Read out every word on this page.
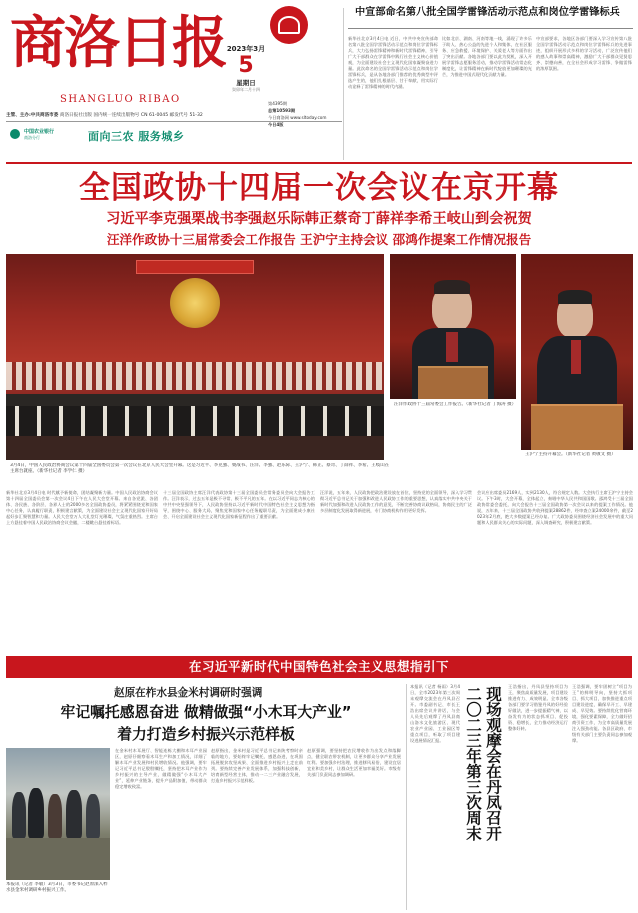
商洛日报
SHANGLUO RIBAO
2023年3月
5
星期日
癸卯年二月十四
第4395期
总第10593期
今日商洛网 www.sltoday.com
今日4版
主管、主办:中共商洛市委 商洛日报社出版 国内统一连续出版物号 CN 61-0045 邮发代号 51-32
中国农业银行
商洛分行	面向三农 服务城乡
中宣部命名第八批全国学雷锋活动示范点和岗位学雷锋标兵
新华社北京3月4日电 近日，中共中央宣传部命名第八批全国学雷锋活动示范点和岗位学雷锋标兵，大力弘扬雷锋精神和新时代雷锋精神，引导广大干部群众在学雷锋中践行社会主义核心价值观，为全面建设社会主义现代化国家凝聚奋进力量。此次命名的全国学雷锋活动示范点和岗位学雷锋标兵，是从各地各部门推荐的优秀典型中评选产生的，他们扎根基层、甘于奉献，用实际行动诠释了雷锋精神的时代内涵。
比如北京、湖南、河南等地一线，涌现了许多乐于助人、热心公益的先进个人和集体，在社区服务、应急救援、环境保护、关爱老人等方面作出了突出贡献。各地各部门要以此为契机，深入开展学雷锋志愿服务活动，推动学雷锋活动常态化制度化，让雷锋精神在新时代绽放更加璀璨的光芒，为推进中国式现代化贡献力量。
中宣部要求，各地区各部门要深入学习宣传第八批全国学雷锋活动示范点和岗位学雷锋标兵的先进事迹，组织开展形式多样的学习活动，广泛宣传他们的感人故事和崇高精神，激励广大干部群众见贤思齐、崇德向善，在全社会形成学习雷锋、争做雷锋的浓厚氛围。
全国政协十四届一次会议在京开幕
习近平李克强栗战书李强赵乐际韩正蔡奇丁薛祥李希王岐山到会祝贺
汪洋作政协十三届常委会工作报告 王沪宁主持会议 邵鸿作提案工作情况报告
3月4日，中国人民政治协商会议第十四届全国委员会第一次会议在北京人民大会堂开幕。这是习近平、李克强、栗战书、汪洋、李强、赵乐际、王沪宁、韩正、蔡奇、丁薛祥、李希、王岐山在主席台就座。（新华社记者 李学仁 摄）
汪洋作政协十三届常委会工作报告。（新华社记者 丁海涛 摄）
王沪宁主持开幕会。（新华社记者 黄敬文 摄）
新华社北京3月4日电 时代赋予新使命，团结凝聚新力量。中国人民政治协商会议第十四届全国委员会第一次会议4日下午在人民大会堂开幕。来自各党派、各团体、各民族、各阶层、各界人士的2000多名全国政协委员，将紧紧围绕党和国家中心任务，认真履行职责，积极建言献策，为全面建设社会主义现代化国家开好局起好步汇聚智慧和力量。人民大会堂万人大礼堂灯光璀璨，气氛庄重热烈。主席台上方悬挂着中国人民政治协商会议会徽，二楼眺台悬挂着标语。
十三届全国政协主席汪洋代表政协第十三届全国委员会常务委员会向大会报告工作。汪洋表示，过去五年是极不寻常、极不平凡的五年。在以习近平同志为核心的中共中央坚强领导下，人民政协坚持以习近平新时代中国特色社会主义思想为指导，围绕中心、服务大局，聚焦党和国家中心任务履职尽责，为全面建成小康社会、开启全面建设社会主义现代化国家新征程作出了重要贡献。
汪洋说，五年来，人民政协把政治建设放在首位，坚持党的全面领导，深入学习贯彻习近平总书记关于加强和改进人民政协工作的重要思想，认真落实中共中央关于新时代加强和改进人民政协工作的意见，不断完善协商议政格局，协商民主的广泛多层制度化发展取得新进展，专门协商机构作用更好发挥。
会议应出席委员2169人，实到2130人，符合规定人数。大会执行主席王沪宁主持会议。下午3时，大会开幕，全体起立，奏唱中华人民共和国国歌。邵鸿受十三届全国政协常委会委托，向大会报告十三届全国政协第一次会议以来的提案工作情况。他说，五年来，十三届全国政协共收到提案28862件，经审查立案24000余件，截至2023年2月底，绝大多数提案已经办复。广大政协委员围绕经济社会发展中的重大问题和人民群众关心的实际问题，深入调查研究，积极建言献策。
在习近平新时代中国特色社会主义思想指引下
赵原在柞水县金米村调研时强调
牢记嘱托感恩奋进 做精做强“小木耳大产业”
着力打造乡村振兴示范样板
本报讯（记者 李敏）3月3日，市委书记赵原深入柞水县金米村调研乡村振兴工作。
在金米村木耳展厅、智能连栋大棚和木耳产业园区，赵原仔细察看木耳生产和加工情况，详细了解木耳产业发展和村民增收情况。他强调，要牢记习近平总书记殷殷嘱托，坚持把木耳产业作为乡村振兴的主导产业，做精做强“小木耳大产业”，延伸产业链条，提升产品附加值，带动群众稳定增收致富。
赵原指出，金米村是习近平总书记来陕考察时亲临的地方，要始终牢记嘱托、感恩奋进，在巩固拓展脱贫攻坚成果、全面推进乡村振兴上走在前列。要持续完善产业发展体系，加强科技创新，培育新型经营主体，推动一二三产业融合发展，打造乡村振兴示范样板。
赵原强调，要坚持把农民增收作为出发点和落脚点，健全联农带农机制，让更多群众分享产业发展红利。要加强乡村治理，推进移风易俗，建设宜居宜业和美乡村，让群众生活更加幸福美好。市级有关部门负责同志参加调研。
本报讯（记者 杨雨）3月4日，全市2023年第三次周末观摩交流会在丹凤县召开。市委副书记、市长王浩出席会议并讲话，与会人员先后观摩了丹凤县商山洛水文化旅游区、现代农业产业园、工业园区等重点项目，听取了项目建设进展情况汇报。	二〇二三年第三次周末 现场观摩会在丹凤召开 王浩指出，丹凤县坚持项目为王，聚焦高质量发展，项目建设推进有力、成效明显。全市各级各部门要学习借鉴丹凤的好经验好做法，进一步提振精气神，以奋发有为的状态抓项目、促投资、稳增长，全力推动经济运行整体好转。
王浩强调，要牢固树立“项目为王”的鲜明导向，坚持大抓项目、抓大项目，加快推进重点项目建设进度，确保早开工、早建成、早见效。要持续优化营商环境，强化要素保障，全力做好招商引资工作，为全市高质量发展注入强劲动能。各县区政府、市级有关部门主要负责同志参加观摩。
